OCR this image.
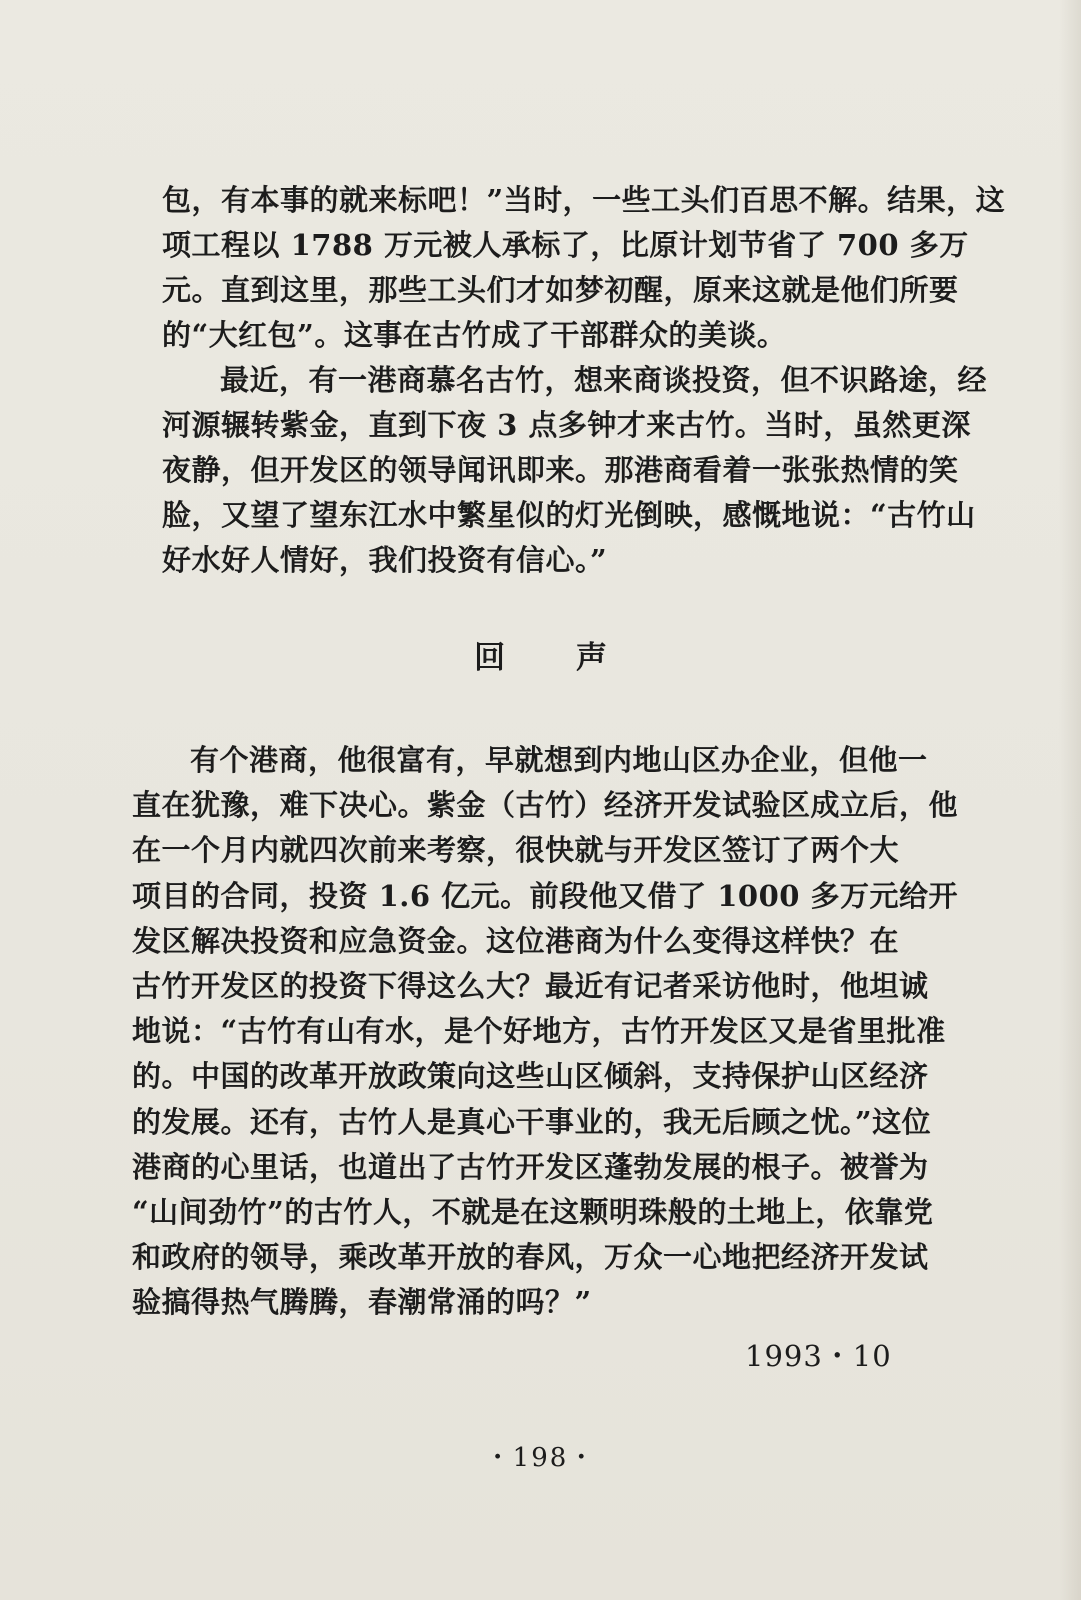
包，有本事的就来标吧！”当时，一些工头们百思不解。结果，这
项工程以 1788 万元被人承标了，比原计划节省了 700 多万
元。直到这里，那些工头们才如梦初醒，原来这就是他们所要
的“大红包”。这事在古竹成了干部群众的美谈。
最近，有一港商慕名古竹，想来商谈投资，但不识路途，经
河源辗转紫金，直到下夜 3 点多钟才来古竹。当时，虽然更深
夜静，但开发区的领导闻讯即来。那港商看着一张张热情的笑
脸，又望了望东江水中繁星似的灯光倒映，感慨地说：“古竹山
好水好人情好，我们投资有信心。”
回 声
有个港商，他很富有，早就想到内地山区办企业，但他一
直在犹豫，难下决心。紫金（古竹）经济开发试验区成立后，他
在一个月内就四次前来考察，很快就与开发区签订了两个大
项目的合同，投资 1.6 亿元。前段他又借了 1000 多万元给开
发区解决投资和应急资金。这位港商为什么变得这样快？在
古竹开发区的投资下得这么大？最近有记者采访他时，他坦诚
地说：“古竹有山有水，是个好地方，古竹开发区又是省里批准
的。中国的改革开放政策向这些山区倾斜，支持保护山区经济
的发展。还有，古竹人是真心干事业的，我无后顾之忧。”这位
港商的心里话，也道出了古竹开发区蓬勃发展的根子。被誉为
“山间劲竹”的古竹人，不就是在这颗明珠般的土地上，依靠党
和政府的领导，乘改革开放的春风，万众一心地把经济开发试
验搞得热气腾腾，春潮常涌的吗？”
1993・10
・198・
